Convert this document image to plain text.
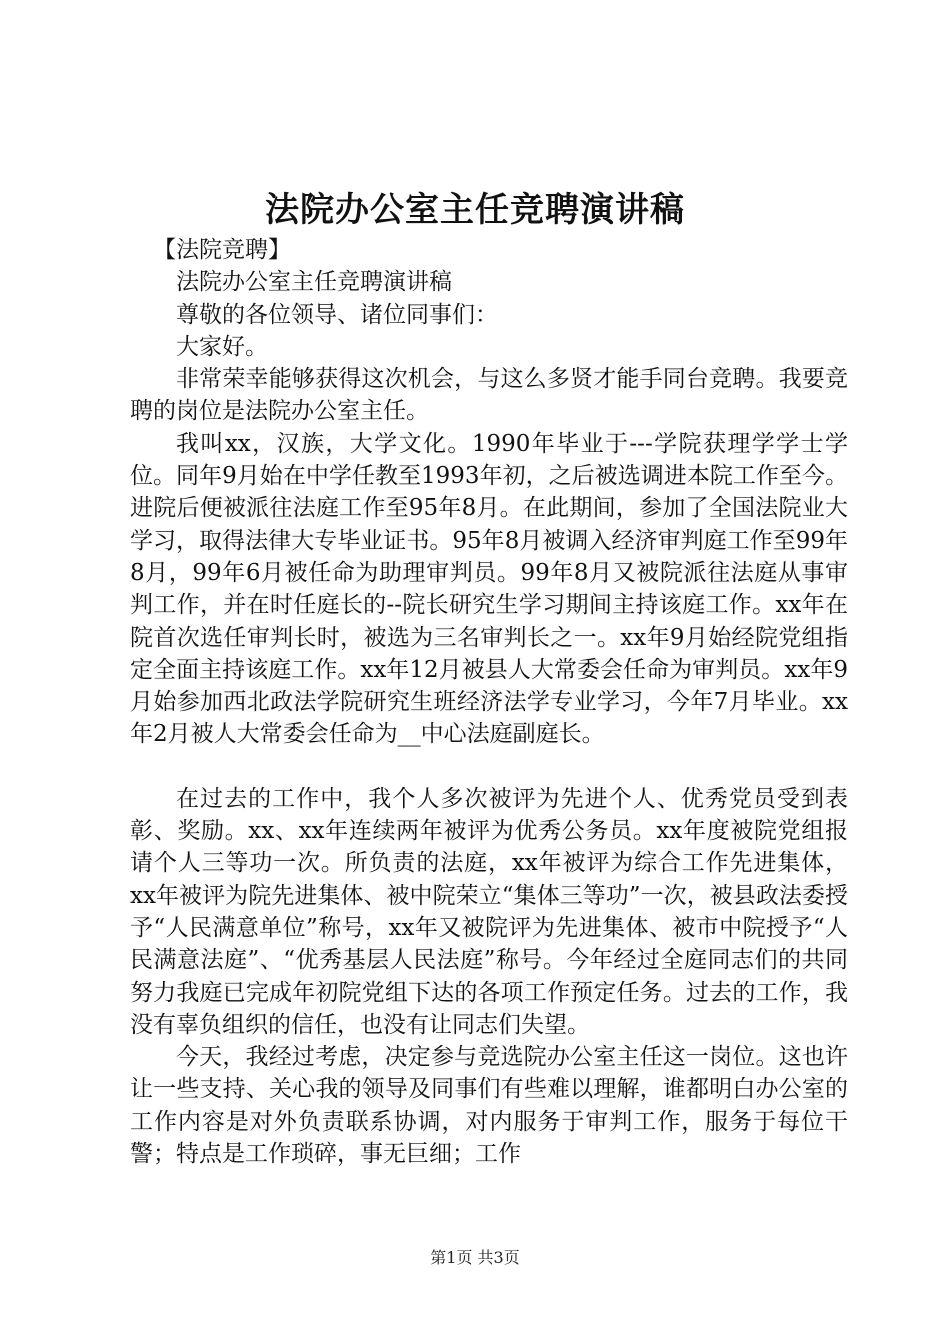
法院办公室主任竞聘演讲稿

【法院竞聘】

法院办公室主任竞聘演讲稿

尊敬的各位领导、诸位同事们：

大家好。

非常荣幸能够获得这次机会，与这么多贤才能手同台竞聘。我要竞聘的岗位是法院办公室主任。

我叫xx，汉族，大学文化。1990年毕业于---学院获理学学士学位。同年9月始在中学任教至1993年初，之后被选调进本院工作至今。进院后便被派往法庭工作至95年8月。在此期间，参加了全国法院业大学习，取得法律大专毕业证书。95年8月被调入经济审判庭工作至99年8月，99年6月被任命为助理审判员。99年8月又被院派往法庭从事审判工作，并在时任庭长的--院长研究生学习期间主持该庭工作。xx年在院首次选任审判长时，被选为三名审判长之一。xx年9月始经院党组指定全面主持该庭工作。xx年12月被县人大常委会任命为审判员。xx年9月始参加西北政法学院研究生班经济法学专业学习，今年7月毕业。xx年2月被人大常委会任命为__中心法庭副庭长。

在过去的工作中，我个人多次被评为先进个人、优秀党员受到表彰、奖励。xx、xx年连续两年被评为优秀公务员。xx年度被院党组报请个人三等功一次。所负责的法庭，xx年被评为综合工作先进集体，xx年被评为院先进集体、被中院荣立“集体三等功”一次，被县政法委授予“人民满意单位”称号，xx年又被院评为先进集体、被市中院授予“人民满意法庭”、“优秀基层人民法庭”称号。今年经过全庭同志们的共同努力我庭已完成年初院党组下达的各项工作预定任务。过去的工作，我没有辜负组织的信任，也没有让同志们失望。

今天，我经过考虑，决定参与竞选院办公室主任这一岗位。这也许让一些支持、关心我的领导及同事们有些难以理解，谁都明白办公室的工作内容是对外负责联系协调，对内服务于审判工作，服务于每位干警；特点是工作琐碎，事无巨细；工作

第1页 共3页
